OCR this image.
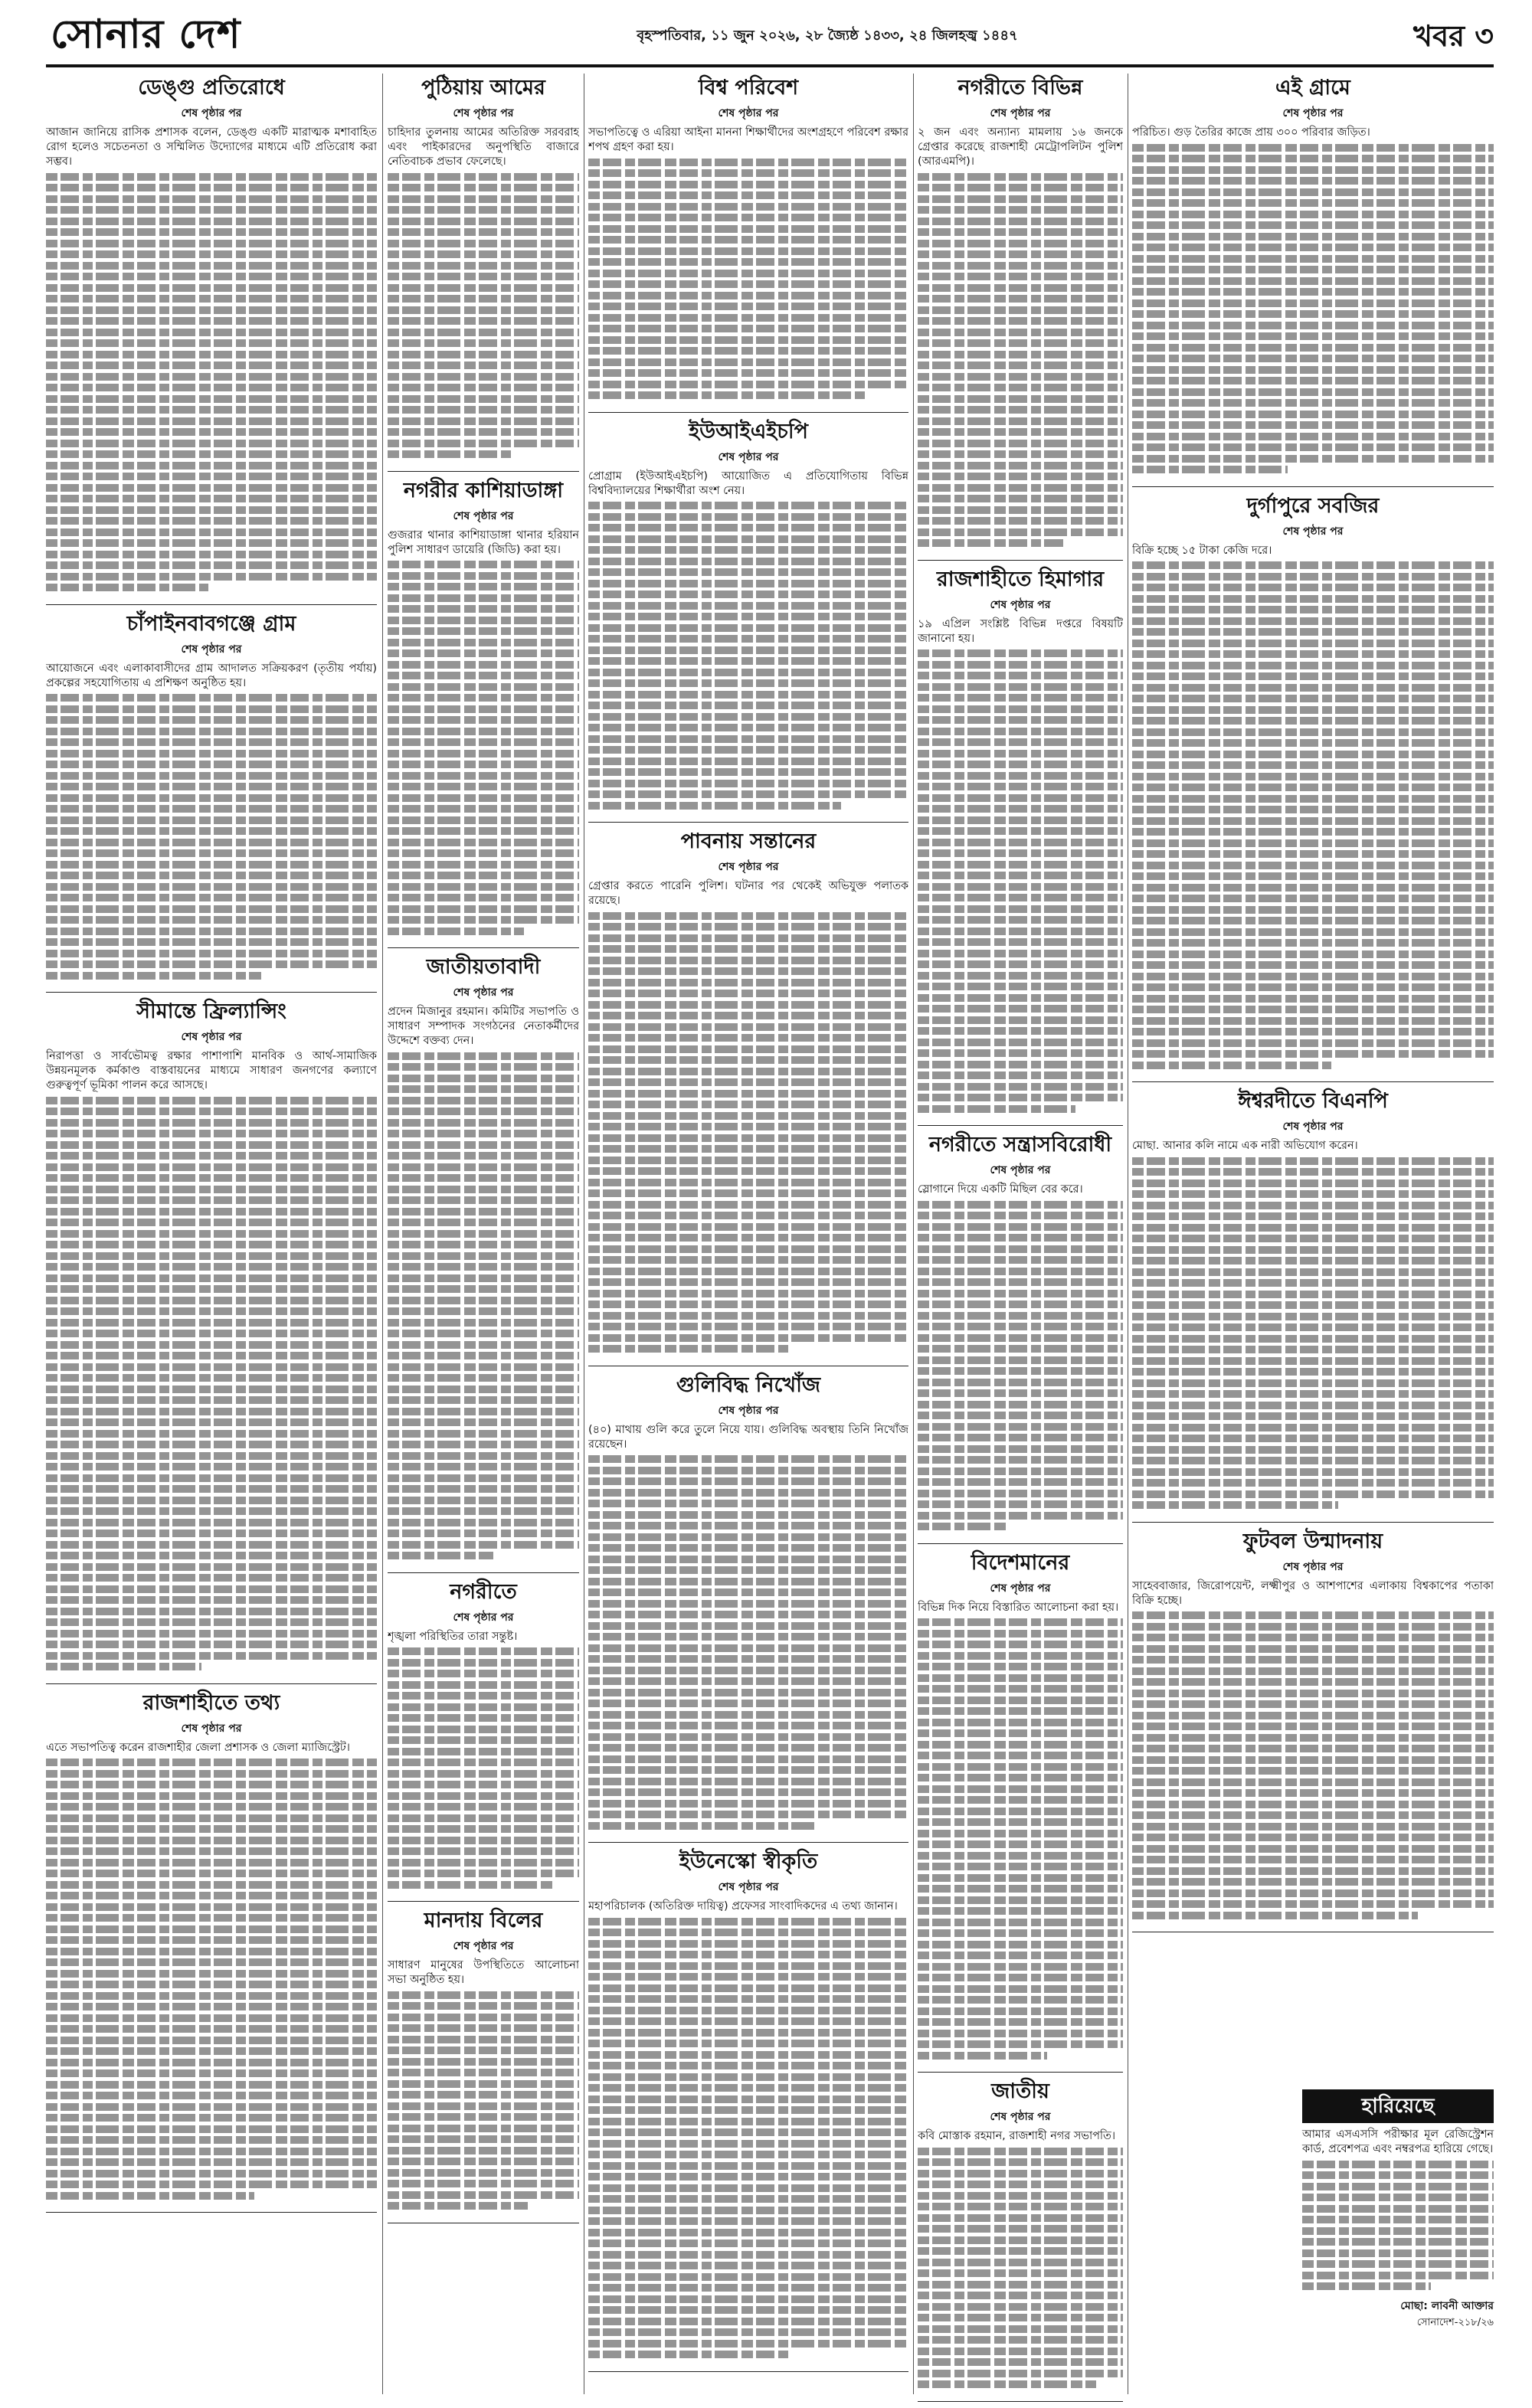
সোনার দেশ	বৃহস্পতিবার, ১১ জুন ২০২৬, ২৮ জ্যৈষ্ঠ ১৪৩৩, ২৪ জিলহজ্ব ১৪৪৭	খবর ৩
ডেঙ্গু প্রতিরোধে
শেষ পৃষ্ঠার পর

আজান জানিয়ে রাসিক প্রশাসক বলেন, ডেঙ্গু একটি মারাত্মক মশাবাহিত রোগ হলেও সচেতনতা ও সম্মিলিত উদ্যোগের মাধ্যমে এটি প্রতিরোধ করা সম্ভব।

চাঁপাইনবাবগঞ্জে গ্রাম
শেষ পৃষ্ঠার পর

আয়োজনে এবং এলাকাবাসীদের গ্রাম আদালত সক্রিয়করণ (তৃতীয় পর্যায়) প্রকল্পের সহযোগিতায় এ প্রশিক্ষণ অনুষ্ঠিত হয়।

সীমান্তে ফ্রিল্যান্সিং
শেষ পৃষ্ঠার পর

নিরাপত্তা ও সার্বভৌমত্ব রক্ষার পাশাপাশি মানবিক ও আর্থ-সামাজিক উন্নয়নমূলক কর্মকাণ্ড বাস্তবায়নের মাধ্যমে সাধারণ জনগণের কল্যাণে গুরুত্বপূর্ণ ভূমিকা পালন করে আসছে।

রাজশাহীতে তথ্য
শেষ পৃষ্ঠার পর

এতে সভাপতিত্ব করেন রাজশাহীর জেলা প্রশাসক ও জেলা ম্যাজিস্ট্রেট।

পুঠিয়ায় আমের
শেষ পৃষ্ঠার পর

চাহিদার তুলনায় আমের অতিরিক্ত সরবরাহ এবং পাইকারদের অনুপস্থিতি বাজারে নেতিবাচক প্রভাব ফেলেছে।

নগরীর কাশিয়াডাঙ্গা
শেষ পৃষ্ঠার পর

গুজরার থানার কাশিয়াডাঙ্গা থানার হরিয়ান পুলিশ সাধারণ ডায়েরি (জিডি) করা হয়।

জাতীয়তাবাদী
শেষ পৃষ্ঠার পর

প্রদেন মিজানুর রহমান। কমিটির সভাপতি ও সাধারণ সম্পাদক সংগঠনের নেতাকর্মীদের উদ্দেশে বক্তব্য দেন।

নগরীতে
শেষ পৃষ্ঠার পর

শৃঙ্খলা পরিস্থিতির তারা সন্তুষ্ট।

মানদায় বিলের
শেষ পৃষ্ঠার পর

সাধারণ মানুষের উপস্থিতিতে আলোচনা সভা অনুষ্ঠিত হয়।

বিশ্ব পরিবেশ
শেষ পৃষ্ঠার পর

সভাপতিত্বে ও এরিয়া আইনা মাননা শিক্ষার্থীদের অংশগ্রহণে পরিবেশ রক্ষার শপথ গ্রহণ করা হয়।

ইউআইএইচপি
শেষ পৃষ্ঠার পর

প্রোগ্রাম (ইউআইএইচপি) আয়োজিত এ প্রতিযোগিতায় বিভিন্ন বিশ্ববিদ্যালয়ের শিক্ষার্থীরা অংশ নেয়।

পাবনায় সন্তানের
শেষ পৃষ্ঠার পর

গ্রেপ্তার করতে পারেনি পুলিশ। ঘটনার পর থেকেই অভিযুক্ত পলাতক রয়েছে।

গুলিবিদ্ধ নিখোঁজ
শেষ পৃষ্ঠার পর

(৪০) মাথায় গুলি করে তুলে নিয়ে যায়। গুলিবিদ্ধ অবস্থায় তিনি নিখোঁজ রয়েছেন।

ইউনেস্কো স্বীকৃতি
শেষ পৃষ্ঠার পর

মহাপরিচালক (অতিরিক্ত দায়িত্ব) প্রফেসর সাংবাদিকদের এ তথ্য জানান।

নগরীতে বিভিন্ন
শেষ পৃষ্ঠার পর

২ জন এবং অন্যান্য মামলায় ১৬ জনকে গ্রেপ্তার করেছে রাজশাহী মেট্রোপলিটন পুলিশ (আরএমপি)।

রাজশাহীতে হিমাগার
শেষ পৃষ্ঠার পর

১৯ এপ্রিল সংশ্লিষ্ট বিভিন্ন দপ্তরে বিষয়টি জানানো হয়।

নগরীতে সন্ত্রাসবিরোধী
শেষ পৃষ্ঠার পর

স্লোগানে দিয়ে একটি মিছিল বের করে।

বিদেশমানের
শেষ পৃষ্ঠার পর

বিভিন্ন দিক নিয়ে বিস্তারিত আলোচনা করা হয়।

জাতীয়
শেষ পৃষ্ঠার পর

কবি মোস্তাক রহমান, রাজশাহী নগর সভাপতি।

এই গ্রামে
শেষ পৃষ্ঠার পর

পরিচিত। গুড় তৈরির কাজে প্রায় ৩০০ পরিবার জড়িত।

দুর্গাপুরে সবজির
শেষ পৃষ্ঠার পর

বিক্রি হচ্ছে ১৫ টাকা কেজি দরে।

ঈশ্বরদীতে বিএনপি
শেষ পৃষ্ঠার পর

মোছা. আনার কলি নামে এক নারী অভিযোগ করেন।

ফুটবল উন্মাদনায়
শেষ পৃষ্ঠার পর

সাহেববাজার, জিরোপয়েন্ট, লক্ষ্মীপুর ও আশপাশের এলাকায় বিশ্বকাপের পতাকা বিক্রি হচ্ছে।

হারিয়েছে

আমার এসএসসি পরীক্ষার মূল রেজিস্ট্রেশন কার্ড, প্রবেশপত্র এবং নম্বরপত্র হারিয়ে গেছে।

মোছা: লাবনী আক্তার
সোনাদেশ-২১৮/২৬
